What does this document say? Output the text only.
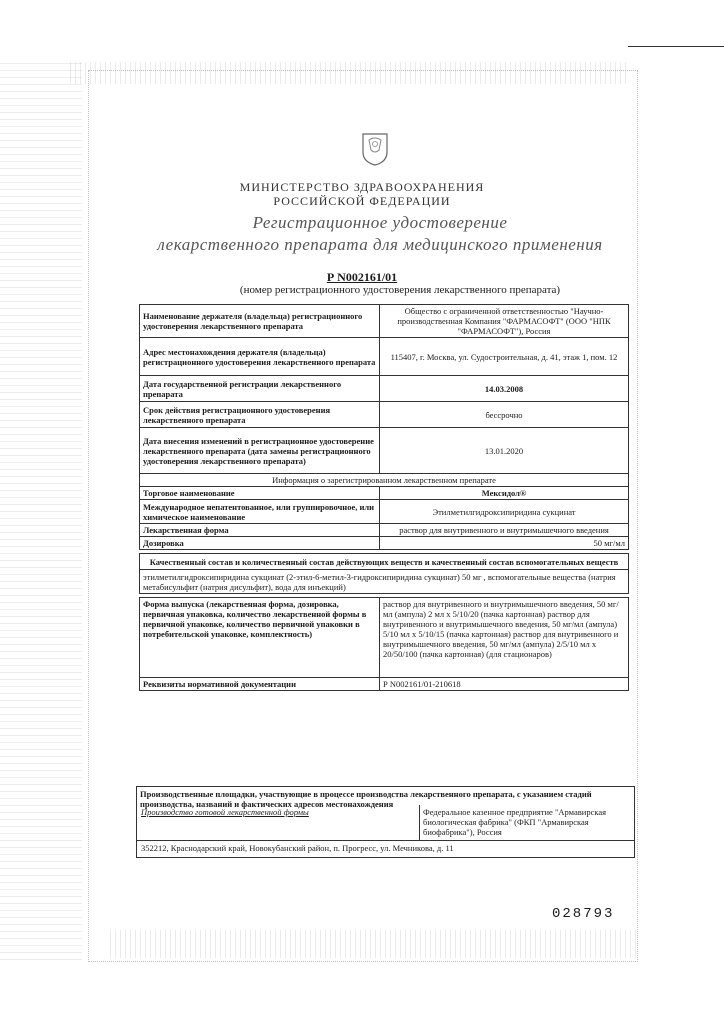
МИНИСТЕРСТВО ЗДРАВООХРАНЕНИЯ
РОССИЙСКОЙ ФЕДЕРАЦИИ
Регистрационное удостоверение
лекарственного препарата для медицинского применения
Р N002161/01
(номер регистрационного удостоверения лекарственного препарата)
Наименование держателя (владельца) регистрационного удостоверения лекарственного препарата	Общество с ограниченной ответственностью "Научно-производственная Компания "ФАРМАСОФТ" (ООО "НПК "ФАРМАСОФТ"), Россия
Адрес местонахождения держателя (владельца) регистрационного удостоверения лекарственного препарата	115407, г. Москва, ул. Судостроительная, д. 41, этаж 1, пом. 12
Дата государственной регистрации лекарственного препарата	14.03.2008
Срок действия регистрационного удостоверения лекарственного препарата	бессрочно
Дата внесения изменений в регистрационное удостоверение лекарственного препарата (дата замены регистрационного удостоверения лекарственного препарата)	13.01.2020
Информация о зарегистрированном лекарственном препарате	
Торговое наименование	Мексидол®
Международное непатентованное, или группировочное, или химическое наименование	Этилметилгидроксипиридина сукцинат
Лекарственная форма	раствор для внутривенного и внутримышечного введения
Дозировка	50 мг/мл

Качественный состав и количественный состав действующих веществ и качественный состав вспомогательных веществ	
этилметилгидроксипиридина сукцинат (2-этил-6-метил-3-гидроксипиридина сукцинат) 50 мг , вспомогательные вещества (натрия метабисульфит (натрия дисульфит), вода для инъекций)	

Форма выпуска (лекарственная форма, дозировка, первичная упаковка, количество лекарственной формы в первичной упаковке, количество первичной упаковки в потребительской упаковке, комплектность)	раствор для внутривенного и внутримышечного введения, 50 мг/мл (ампула) 2 мл х 5/10/20 (пачка картонная) раствор для внутривенного и внутримышечного введения, 50 мг/мл (ампула) 5/10 мл х 5/10/15 (пачка картонная) раствор для внутривенного и внутримышечного введения, 50 мг/мл (ампула) 2/5/10 мл х 20/50/100 (пачка картонная) (для стационаров)
Реквизиты нормативной документации	Р N002161/01-210618
Производственные площадки, участвующие в процессе производства лекарственного препарата, с указанием стадий производства, названий и фактических адресов местонахождения
Производство готовой лекарственной формы	Федеральное казенное предприятие "Армавирская биологическая фабрика" (ФКП "Армавирская биофабрика"), Россия
352212, Краснодарский край, Новокубанский район, п. Прогресс, ул. Мечникова, д. 11
028793
